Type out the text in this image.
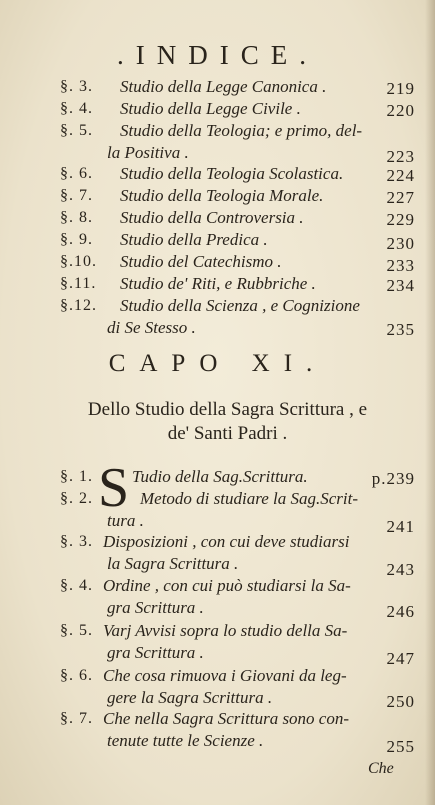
.INDICE.
§. 3. Studio della Legge Canonica .	219
§. 4. Studio della Legge Civile .	220
§. 5. Studio della Teologia; e primo, del-
la Positiva .	223
§. 6. Studio della Teologia Scolastica.	224
§. 7. Studio della Teologia Morale.	227
§. 8. Studio della Controversia .	229
§. 9. Studio della Predica .	230
§.10. Studio del Catechismo .	233
§.11. Studio de' Riti, e Rubbriche .	234
§.12. Studio della Scienza , e Cognizione
di Se Stesso .	235
CAPO XI.
Dello Studio della Sagra Scrittura , e
de' Santi Padri .
S
§. 1. Tudio della Sag.Scrittura.	p.239
§. 2.	Metodo di studiare la Sag.Scrit-
tura .	241
§. 3. Disposizioni , con cui deve studiarsi
la Sagra Scrittura .	243
§. 4. Ordine , con cui può studiarsi la Sa-
gra Scrittura .	246
§. 5. Varj Avvisi sopra lo studio della Sa-
gra Scrittura .	247
§. 6. Che cosa rimuova i Giovani da leg-
gere la Sagra Scrittura .	250
§. 7. Che nella Sagra Scrittura sono con-
tenute tutte le Scienze .	255
Che
